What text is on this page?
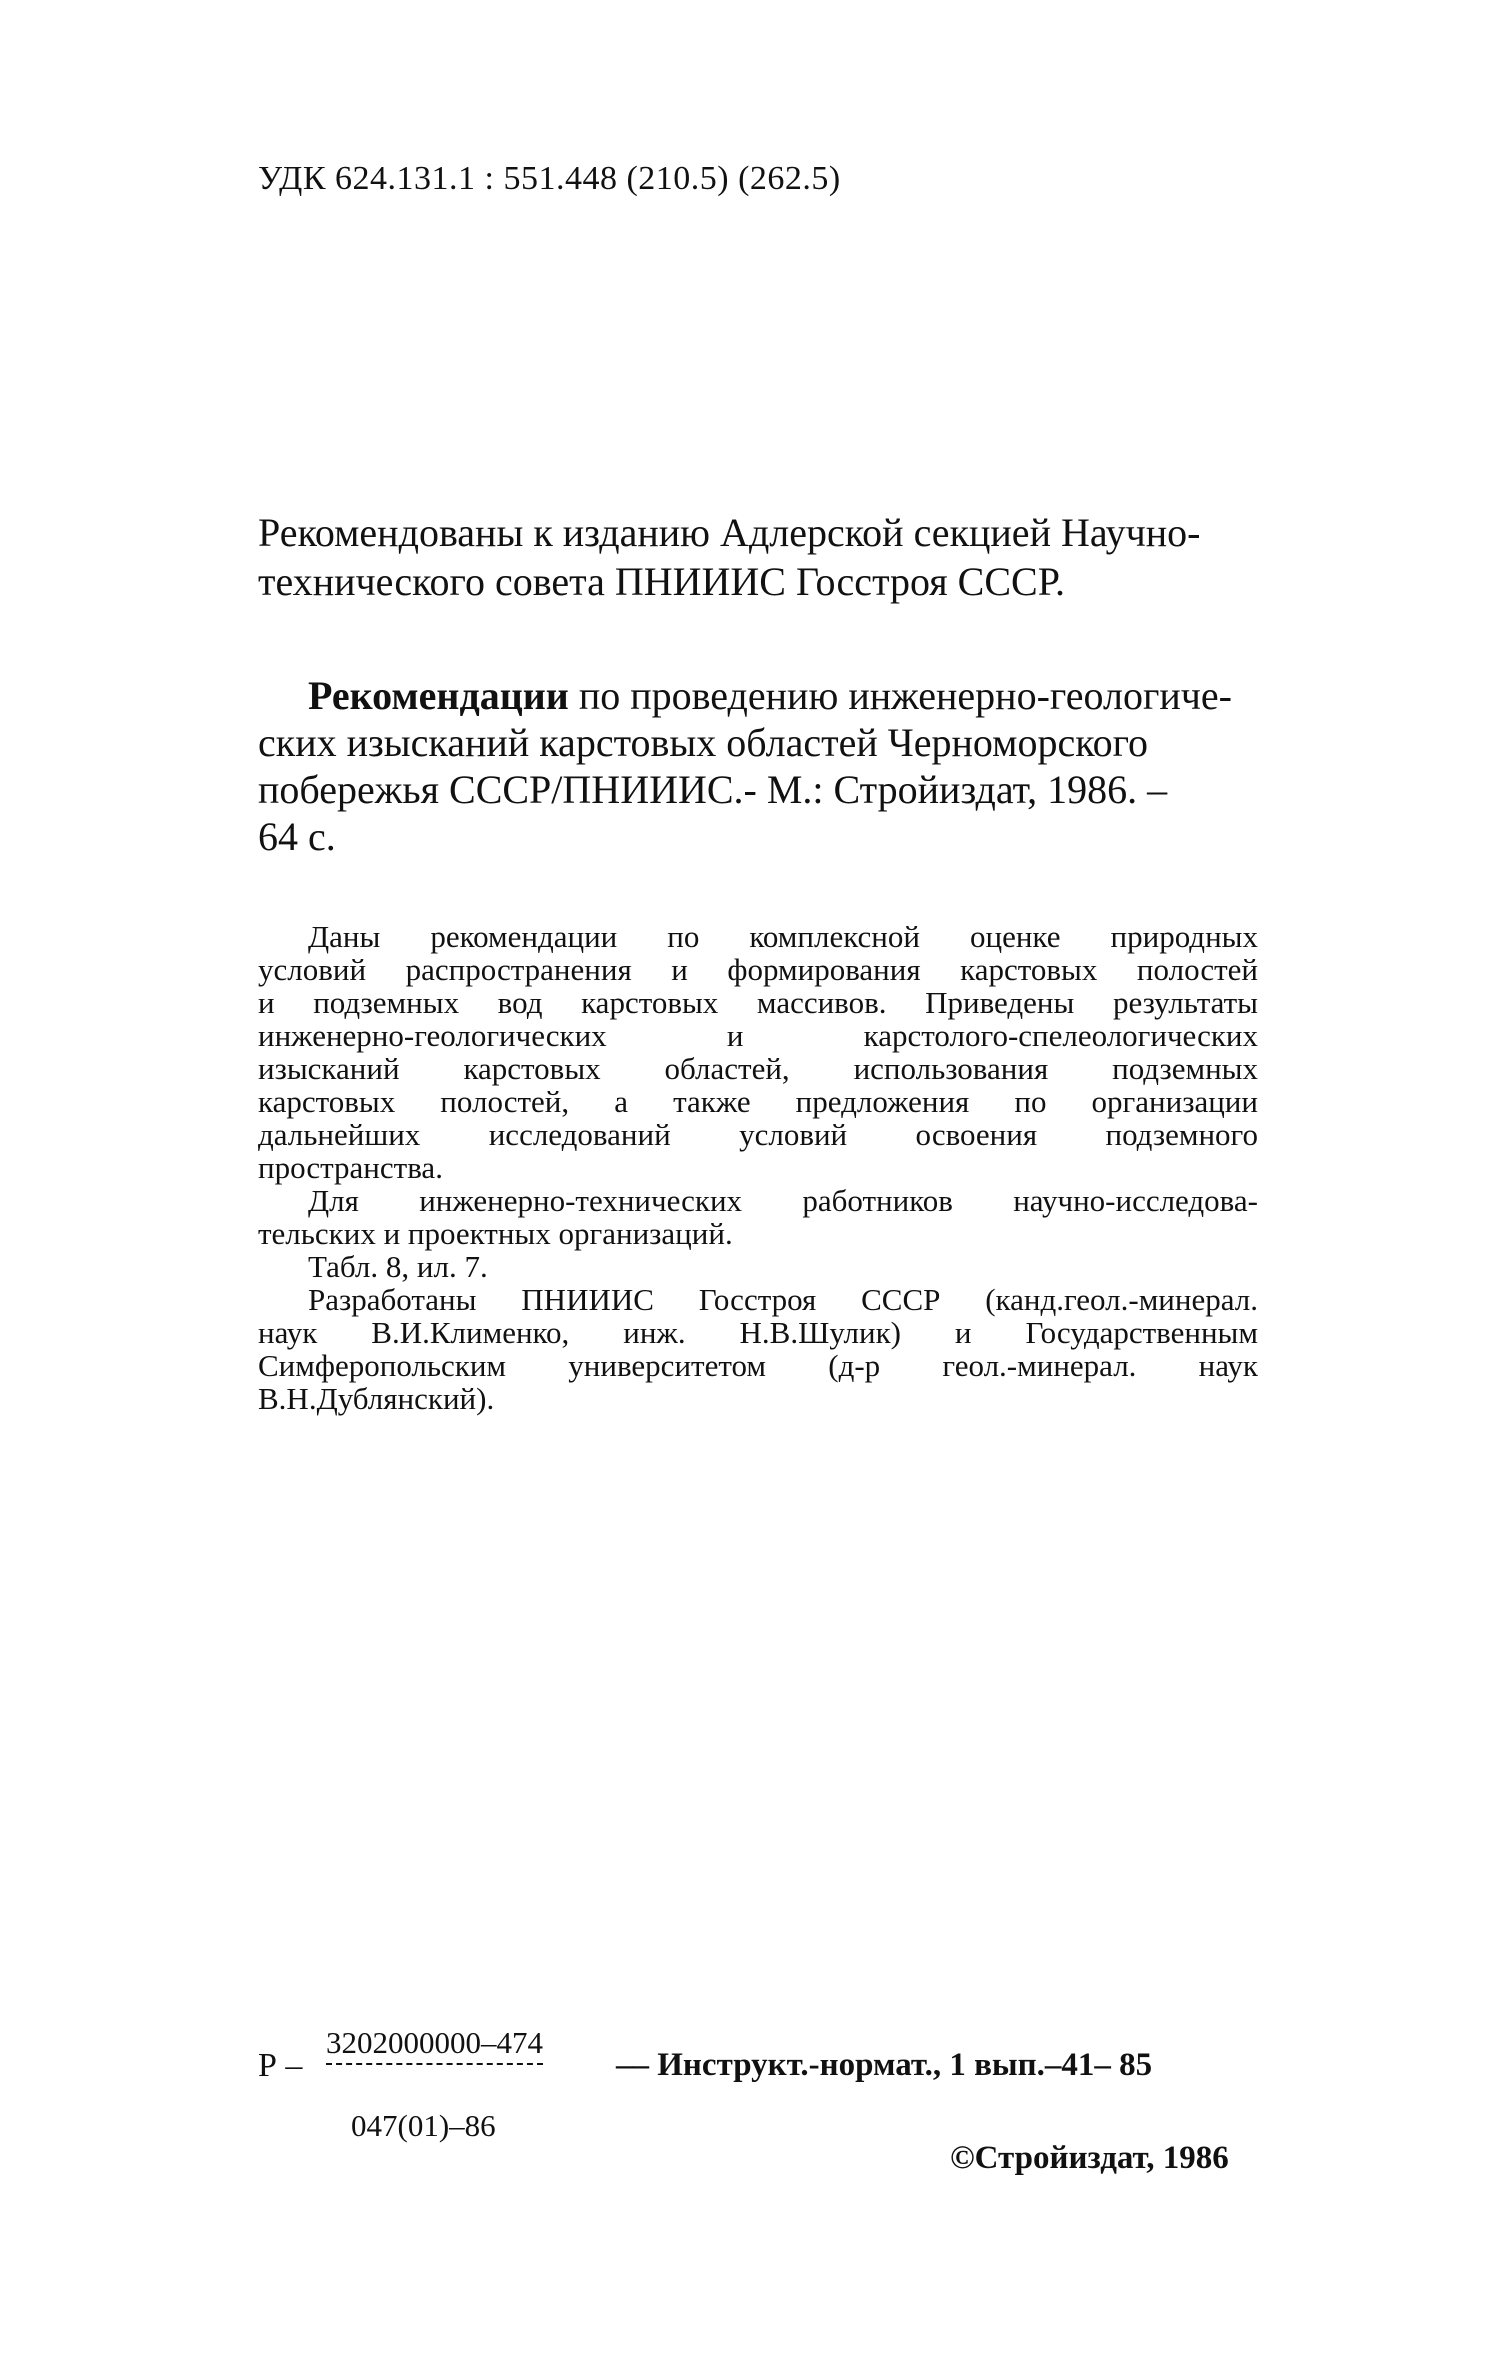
УДК 624.131.1 : 551.448 (210.5) (262.5)
Рекомендованы к изданию Адлерской секцией Научно-
технического совета ПНИИИС Госстроя СССР.
Рекомендации по проведению инженерно-геологиче-
ских изысканий карстовых областей Черноморского
побережья СССР/ПНИИИС.- М.: Стройиздат, 1986. –
64 с.
Даны рекомендации по комплексной оценке природных
условий распространения и формирования карстовых полостей
и подземных вод карстовых массивов. Приведены результаты
инженерно-геологических и карстолого-спелеологических
изысканий карстовых областей, использования подземных
карстовых полостей, а также предложения по организации
дальнейших исследований условий освоения подземного
пространства.
Для инженерно-технических работников научно-исследова-
тельских и проектных организаций.
Табл. 8, ил. 7.
Разработаны ПНИИИС Госстроя СССР (канд.геол.-минерал.
наук В.И.Клименко, инж. Н.В.Шулик) и Государственным
Симферопольским университетом (д-р геол.-минерал. наук
В.Н.Дублянский).
Р –
3202000000–474
–– Инструкт.-нормат., 1 вып.–41– 85
047(01)–86
©Стройиздат, 1986
